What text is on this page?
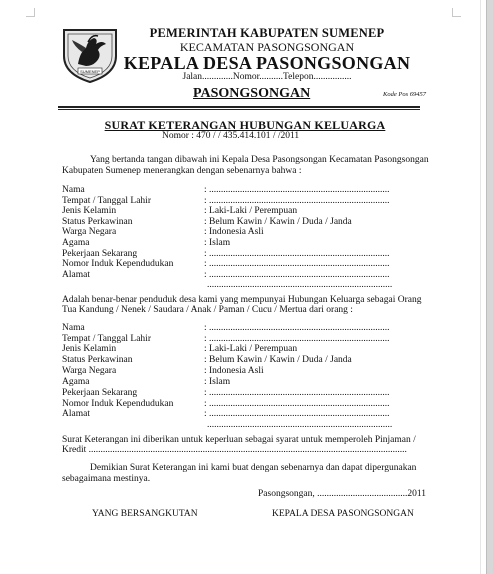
SUMENEP
PEMERINTAH KABUPATEN SUMENEP
KECAMATAN PASONGSONGAN
KEPALA DESA PASONGSONGAN
Jalan.............Nomor..........Telepon................
PASONGSONGAN	Kode Pos 69457
SURAT KETERANGAN HUBUNGAN KELUARGA
Nomor : 470 / / 435.414.101 / /2011
Yang bertanda tangan dibawah ini Kepala Desa Pasongsongan Kecamatan Pasongsongan
Kabupaten Sumenep menerangkan dengan sebenarnya bahwa :
Nama	: ............................................................................
Tempat / Tanggal Lahir	: ............................................................................
Jenis Kelamin	: Laki-Laki / Perempuan
Status Perkawinan	: Belum Kawin / Kawin / Duda / Janda
Warga Negara	: Indonesia Asli
Agama	: Islam
Pekerjaan Sekarang	: ............................................................................
Nomor Induk Kependudukan	: ............................................................................
Alamat	: ............................................................................
..............................................................................
Adalah benar-benar penduduk desa kami yang mempunyai Hubungan Keluarga sebagai Orang
Tua Kandung / Nenek / Saudara / Anak / Paman / Cucu / Mertua dari orang :
Nama	: ............................................................................
Tempat / Tanggal Lahir	: ............................................................................
Jenis Kelamin	: Laki-Laki / Perempuan
Status Perkawinan	: Belum Kawin / Kawin / Duda / Janda
Warga Negara	: Indonesia Asli
Agama	: Islam
Pekerjaan Sekarang	: ............................................................................
Nomor Induk Kependudukan	: ............................................................................
Alamat	: ............................................................................
..............................................................................
Surat Keterangan ini diberikan untuk keperluan sebagai syarat untuk memperoleh Pinjaman /
Kredit ......................................................................................................................................
Demikian Surat Keterangan ini kami buat dengan sebenarnya dan dapat dipergunakan
sebagaimana mestinya.
Pasongsongan, ......................................2011
YANG BERSANGKUTAN	KEPALA DESA PASONGSONGAN
